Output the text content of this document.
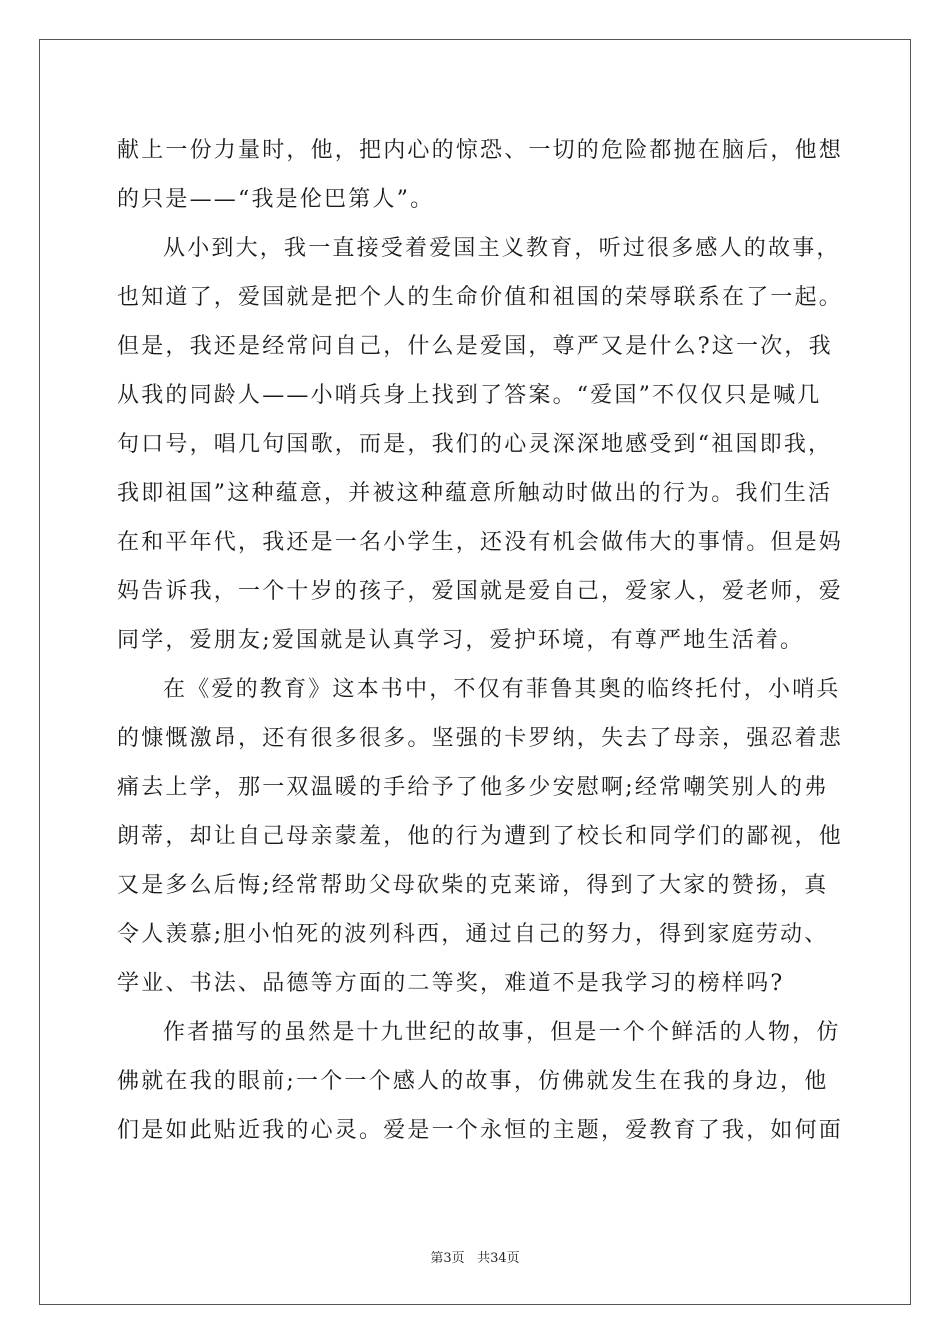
献上一份力量时，他，把内心的惊恐、一切的危险都抛在脑后，他想
的只是——“我是伦巴第人”。
从小到大，我一直接受着爱国主义教育，听过很多感人的故事，
也知道了，爱国就是把个人的生命价值和祖国的荣辱联系在了一起。
但是，我还是经常问自己，什么是爱国，尊严又是什么?这一次，我
从我的同龄人——小哨兵身上找到了答案。“爱国”不仅仅只是喊几
句口号，唱几句国歌，而是，我们的心灵深深地感受到“祖国即我，
我即祖国”这种蕴意，并被这种蕴意所触动时做出的行为。我们生活
在和平年代，我还是一名小学生，还没有机会做伟大的事情。但是妈
妈告诉我，一个十岁的孩子，爱国就是爱自己，爱家人，爱老师，爱
同学，爱朋友;爱国就是认真学习，爱护环境，有尊严地生活着。
在《爱的教育》这本书中，不仅有菲鲁其奥的临终托付，小哨兵
的慷慨激昂，还有很多很多。坚强的卡罗纳，失去了母亲，强忍着悲
痛去上学，那一双温暖的手给予了他多少安慰啊;经常嘲笑别人的弗
朗蒂，却让自己母亲蒙羞，他的行为遭到了校长和同学们的鄙视，他
又是多么后悔;经常帮助父母砍柴的克莱谛，得到了大家的赞扬，真
令人羡慕;胆小怕死的波列科西，通过自己的努力，得到家庭劳动、
学业、书法、品德等方面的二等奖，难道不是我学习的榜样吗?
作者描写的虽然是十九世纪的故事，但是一个个鲜活的人物，仿
佛就在我的眼前;一个一个感人的故事，仿佛就发生在我的身边，他
们是如此贴近我的心灵。爱是一个永恒的主题，爱教育了我，如何面
第3页 共34页
